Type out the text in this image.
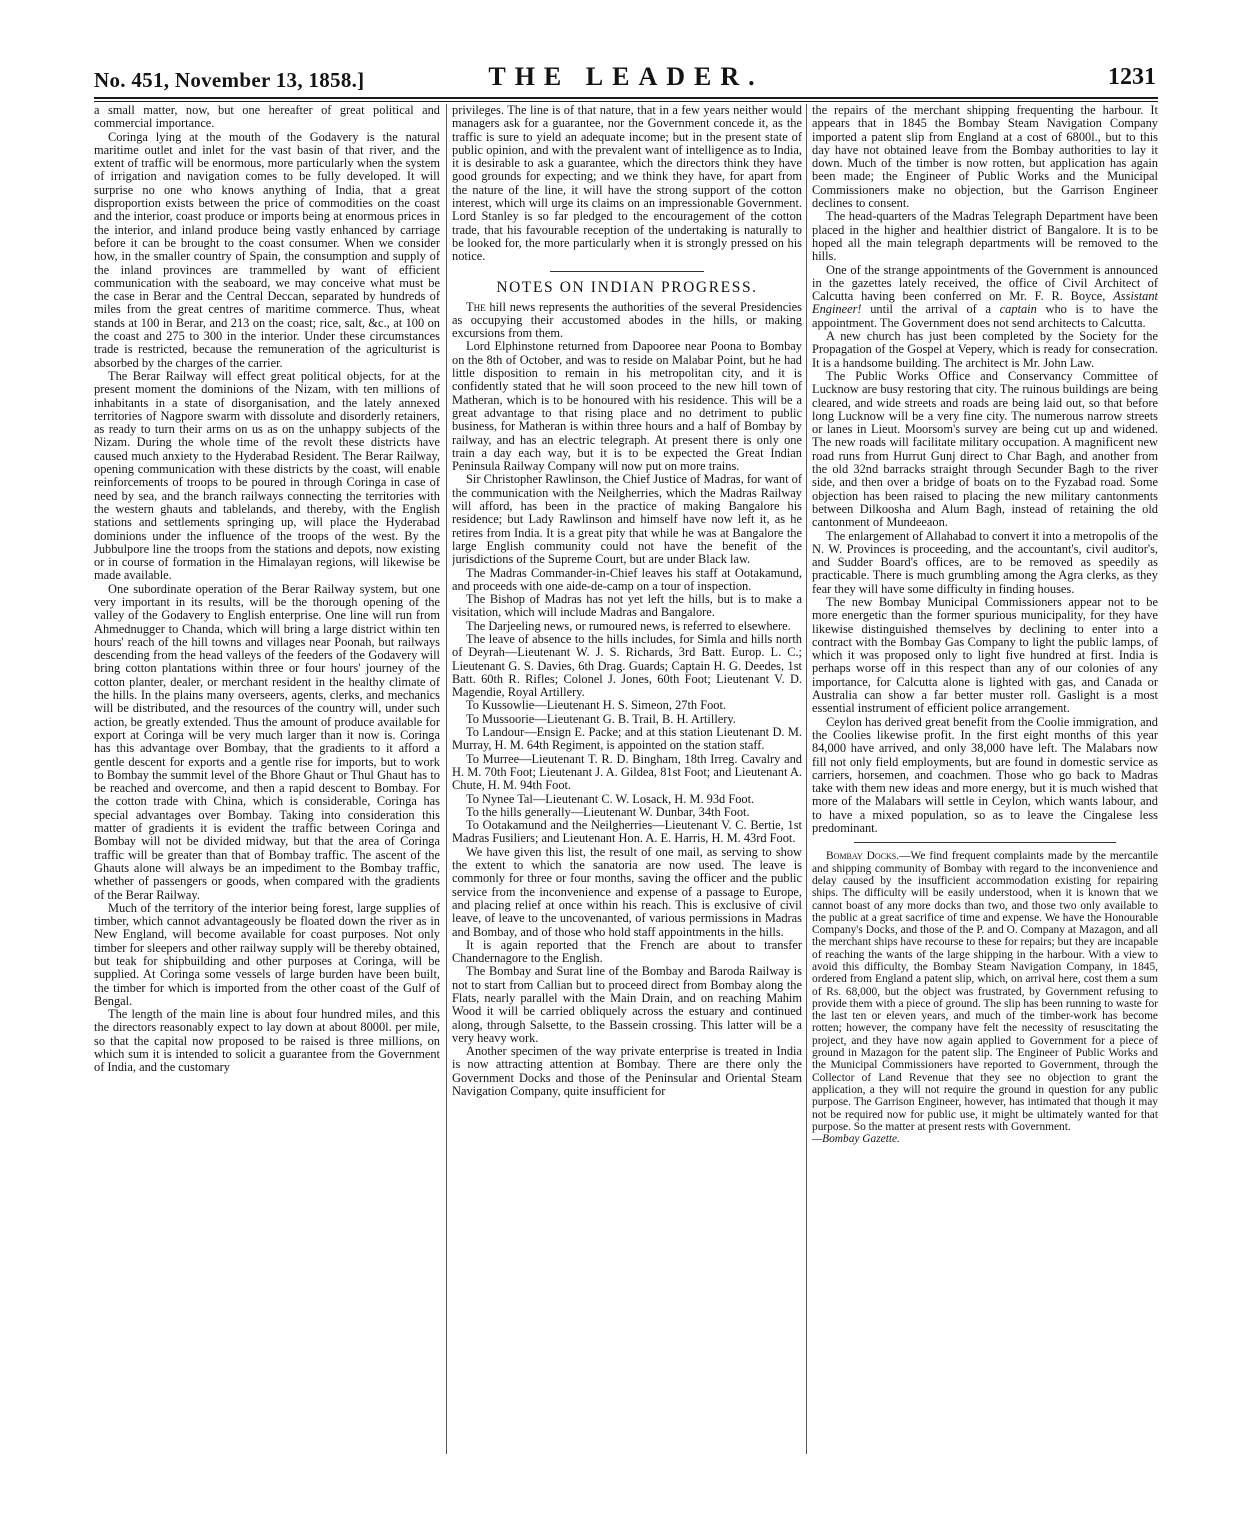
No. 451, November 13, 1858.]	THE LEADER.	1231

a small matter, now, but one hereafter of great political and commercial importance.

Coringa lying at the mouth of the Godavery is the natural maritime outlet and inlet for the vast basin of that river, and the extent of traffic will be enormous, more particularly when the system of irrigation and navigation comes to be fully developed. It will surprise no one who knows anything of India, that a great disproportion exists between the price of commodities on the coast and the interior, coast produce or imports being at enormous prices in the interior, and inland produce being vastly enhanced by carriage before it can be brought to the coast consumer. When we consider how, in the smaller country of Spain, the consumption and supply of the inland provinces are trammelled by want of efficient communication with the seaboard, we may conceive what must be the case in Berar and the Central Deccan, separated by hundreds of miles from the great centres of maritime commerce. Thus, wheat stands at 100 in Berar, and 213 on the coast; rice, salt, &c., at 100 on the coast and 275 to 300 in the interior. Under these circumstances trade is restricted, because the remuneration of the agriculturist is absorbed by the charges of the carrier.

The Berar Railway will effect great political objects, for at the present moment the dominions of the Nizam, with ten millions of inhabitants in a state of disorganisation, and the lately annexed territories of Nagpore swarm with dissolute and disorderly retainers, as ready to turn their arms on us as on the unhappy subjects of the Nizam. During the whole time of the revolt these districts have caused much anxiety to the Hyderabad Resident. The Berar Railway, opening communication with these districts by the coast, will enable reinforcements of troops to be poured in through Coringa in case of need by sea, and the branch railways connecting the territories with the western ghauts and tablelands, and thereby, with the English stations and settlements springing up, will place the Hyderabad dominions under the influence of the troops of the west. By the Jubbulpore line the troops from the stations and depots, now existing or in course of formation in the Himalayan regions, will likewise be made available.

One subordinate operation of the Berar Railway system, but one very important in its results, will be the thorough opening of the valley of the Godavery to English enterprise. One line will run from Ahmednugger to Chanda, which will bring a large district within ten hours' reach of the hill towns and villages near Poonah, but railways descending from the head valleys of the feeders of the Godavery will bring cotton plantations within three or four hours' journey of the cotton planter, dealer, or merchant resident in the healthy climate of the hills. In the plains many overseers, agents, clerks, and mechanics will be distributed, and the resources of the country will, under such action, be greatly extended. Thus the amount of produce available for export at Coringa will be very much larger than it now is. Coringa has this advantage over Bombay, that the gradients to it afford a gentle descent for exports and a gentle rise for imports, but to work to Bombay the summit level of the Bhore Ghaut or Thul Ghaut has to be reached and overcome, and then a rapid descent to Bombay. For the cotton trade with China, which is considerable, Coringa has special advantages over Bombay. Taking into consideration this matter of gradients it is evident the traffic between Coringa and Bombay will not be divided midway, but that the area of Coringa traffic will be greater than that of Bombay traffic. The ascent of the Ghauts alone will always be an impediment to the Bombay traffic, whether of passengers or goods, when compared with the gradients of the Berar Railway.

Much of the territory of the interior being forest, large supplies of timber, which cannot advantageously be floated down the river as in New England, will become available for coast purposes. Not only timber for sleepers and other railway supply will be thereby obtained, but teak for shipbuilding and other purposes at Coringa, will be supplied. At Coringa some vessels of large burden have been built, the timber for which is imported from the other coast of the Gulf of Bengal.

The length of the main line is about four hundred miles, and this the directors reasonably expect to lay down at about 8000l. per mile, so that the capital now proposed to be raised is three millions, on which sum it is intended to solicit a guarantee from the Government of India, and the customary

privileges. The line is of that nature, that in a few years neither would managers ask for a guarantee, nor the Government concede it, as the traffic is sure to yield an adequate income; but in the present state of public opinion, and with the prevalent want of intelligence as to India, it is desirable to ask a guarantee, which the directors think they have good grounds for expecting; and we think they have, for apart from the nature of the line, it will have the strong support of the cotton interest, which will urge its claims on an impressionable Government. Lord Stanley is so far pledged to the encouragement of the cotton trade, that his favourable reception of the undertaking is naturally to be looked for, the more particularly when it is strongly pressed on his notice.

NOTES ON INDIAN PROGRESS.

The hill news represents the authorities of the several Presidencies as occupying their accustomed abodes in the hills, or making excursions from them.

Lord Elphinstone returned from Dapooree near Poona to Bombay on the 8th of October, and was to reside on Malabar Point, but he had little disposition to remain in his metropolitan city, and it is confidently stated that he will soon proceed to the new hill town of Matheran, which is to be honoured with his residence. This will be a great advantage to that rising place and no detriment to public business, for Matheran is within three hours and a half of Bombay by railway, and has an electric telegraph. At present there is only one train a day each way, but it is to be expected the Great Indian Peninsula Railway Company will now put on more trains.

Sir Christopher Rawlinson, the Chief Justice of Madras, for want of the communication with the Neilgherries, which the Madras Railway will afford, has been in the practice of making Bangalore his residence; but Lady Rawlinson and himself have now left it, as he retires from India. It is a great pity that while he was at Bangalore the large English community could not have the benefit of the jurisdictions of the Supreme Court, but are under Black law.

The Madras Commander-in-Chief leaves his staff at Ootakamund, and proceeds with one aide-de-camp on a tour of inspection.

The Bishop of Madras has not yet left the hills, but is to make a visitation, which will include Madras and Bangalore.

The Darjeeling news, or rumoured news, is referred to elsewhere.

The leave of absence to the hills includes, for Simla and hills north of Deyrah—Lieutenant W. J. S. Richards, 3rd Batt. Europ. L. C.; Lieutenant G. S. Davies, 6th Drag. Guards; Captain H. G. Deedes, 1st Batt. 60th R. Rifles; Colonel J. Jones, 60th Foot; Lieutenant V. D. Magendie, Royal Artillery.

To Kussowlie—Lieutenant H. S. Simeon, 27th Foot.

To Mussoorie—Lieutenant G. B. Trail, B. H. Artillery.

To Landour—Ensign E. Packe; and at this station Lieutenant D. M. Murray, H. M. 64th Regiment, is appointed on the station staff.

To Murree—Lieutenant T. R. D. Bingham, 18th Irreg. Cavalry and H. M. 70th Foot; Lieutenant J. A. Gildea, 81st Foot; and Lieutenant A. Chute, H. M. 94th Foot.

To Nynee Tal—Lieutenant C. W. Losack, H. M. 93d Foot.

To the hills generally—Lieutenant W. Dunbar, 34th Foot.

To Ootakamund and the Neilgherries—Lieutenant V. C. Bertie, 1st Madras Fusiliers; and Lieutenant Hon. A. E. Harris, H. M. 43rd Foot.

We have given this list, the result of one mail, as serving to show the extent to which the sanatoria are now used. The leave is commonly for three or four months, saving the officer and the public service from the inconvenience and expense of a passage to Europe, and placing relief at once within his reach. This is exclusive of civil leave, of leave to the uncovenanted, of various permissions in Madras and Bombay, and of those who hold staff appointments in the hills.

It is again reported that the French are about to transfer Chandernagore to the English.

The Bombay and Surat line of the Bombay and Baroda Railway is not to start from Callian but to proceed direct from Bombay along the Flats, nearly parallel with the Main Drain, and on reaching Mahim Wood it will be carried obliquely across the estuary and continued along, through Salsette, to the Bassein crossing. This latter will be a very heavy work.

Another specimen of the way private enterprise is treated in India is now attracting attention at Bombay. There are there only the Government Docks and those of the Peninsular and Oriental Steam Navigation Company, quite insufficient for

the repairs of the merchant shipping frequenting the harbour. It appears that in 1845 the Bombay Steam Navigation Company imported a patent slip from England at a cost of 6800l., but to this day have not obtained leave from the Bombay authorities to lay it down. Much of the timber is now rotten, but application has again been made; the Engineer of Public Works and the Municipal Commissioners make no objection, but the Garrison Engineer declines to consent.

The head-quarters of the Madras Telegraph Department have been placed in the higher and healthier district of Bangalore. It is to be hoped all the main telegraph departments will be removed to the hills.

One of the strange appointments of the Government is announced in the gazettes lately received, the office of Civil Architect of Calcutta having been conferred on Mr. F. R. Boyce, Assistant Engineer! until the arrival of a captain who is to have the appointment. The Government does not send architects to Calcutta.

A new church has just been completed by the Society for the Propagation of the Gospel at Vepery, which is ready for consecration. It is a handsome building. The architect is Mr. John Law.

The Public Works Office and Conservancy Committee of Lucknow are busy restoring that city. The ruinous buildings are being cleared, and wide streets and roads are being laid out, so that before long Lucknow will be a very fine city. The numerous narrow streets or lanes in Lieut. Moorsom's survey are being cut up and widened. The new roads will facilitate military occupation. A magnificent new road runs from Hurrut Gunj direct to Char Bagh, and another from the old 32nd barracks straight through Secunder Bagh to the river side, and then over a bridge of boats on to the Fyzabad road. Some objection has been raised to placing the new military cantonments between Dilkoosha and Alum Bagh, instead of retaining the old cantonment of Mundeeaon.

The enlargement of Allahabad to convert it into a metropolis of the N. W. Provinces is proceeding, and the accountant's, civil auditor's, and Sudder Board's offices, are to be removed as speedily as practicable. There is much grumbling among the Agra clerks, as they fear they will have some difficulty in finding houses.

The new Bombay Municipal Commissioners appear not to be more energetic than the former spurious municipality, for they have likewise distinguished themselves by declining to enter into a contract with the Bombay Gas Company to light the public lamps, of which it was proposed only to light five hundred at first. India is perhaps worse off in this respect than any of our colonies of any importance, for Calcutta alone is lighted with gas, and Canada or Australia can show a far better muster roll. Gaslight is a most essential instrument of efficient police arrangement.

Ceylon has derived great benefit from the Coolie immigration, and the Coolies likewise profit. In the first eight months of this year 84,000 have arrived, and only 38,000 have left. The Malabars now fill not only field employments, but are found in domestic service as carriers, horsemen, and coachmen. Those who go back to Madras take with them new ideas and more energy, but it is much wished that more of the Malabars will settle in Ceylon, which wants labour, and to have a mixed population, so as to leave the Cingalese less predominant.

Bombay Docks.—We find frequent complaints made by the mercantile and shipping community of Bombay with regard to the inconvenience and delay caused by the insufficient accommodation existing for repairing ships. The difficulty will be easily understood, when it is known that we cannot boast of any more docks than two, and those two only available to the public at a great sacrifice of time and expense. We have the Honourable Company's Docks, and those of the P. and O. Company at Mazagon, and all the merchant ships have recourse to these for repairs; but they are incapable of reaching the wants of the large shipping in the harbour. With a view to avoid this difficulty, the Bombay Steam Navigation Company, in 1845, ordered from England a patent slip, which, on arrival here, cost them a sum of Rs. 68,000, but the object was frustrated, by Government refusing to provide them with a piece of ground. The slip has been running to waste for the last ten or eleven years, and much of the timber-work has become rotten; however, the company have felt the necessity of resuscitating the project, and they have now again applied to Government for a piece of ground in Mazagon for the patent slip. The Engineer of Public Works and the Municipal Commissioners have reported to Government, through the Collector of Land Revenue that they see no objection to grant the application, a they will not require the ground in question for any public purpose. The Garrison Engineer, however, has intimated that though it may not be required now for public use, it might be ultimately wanted for that purpose. So the matter at present rests with Government.

—Bombay Gazette.
